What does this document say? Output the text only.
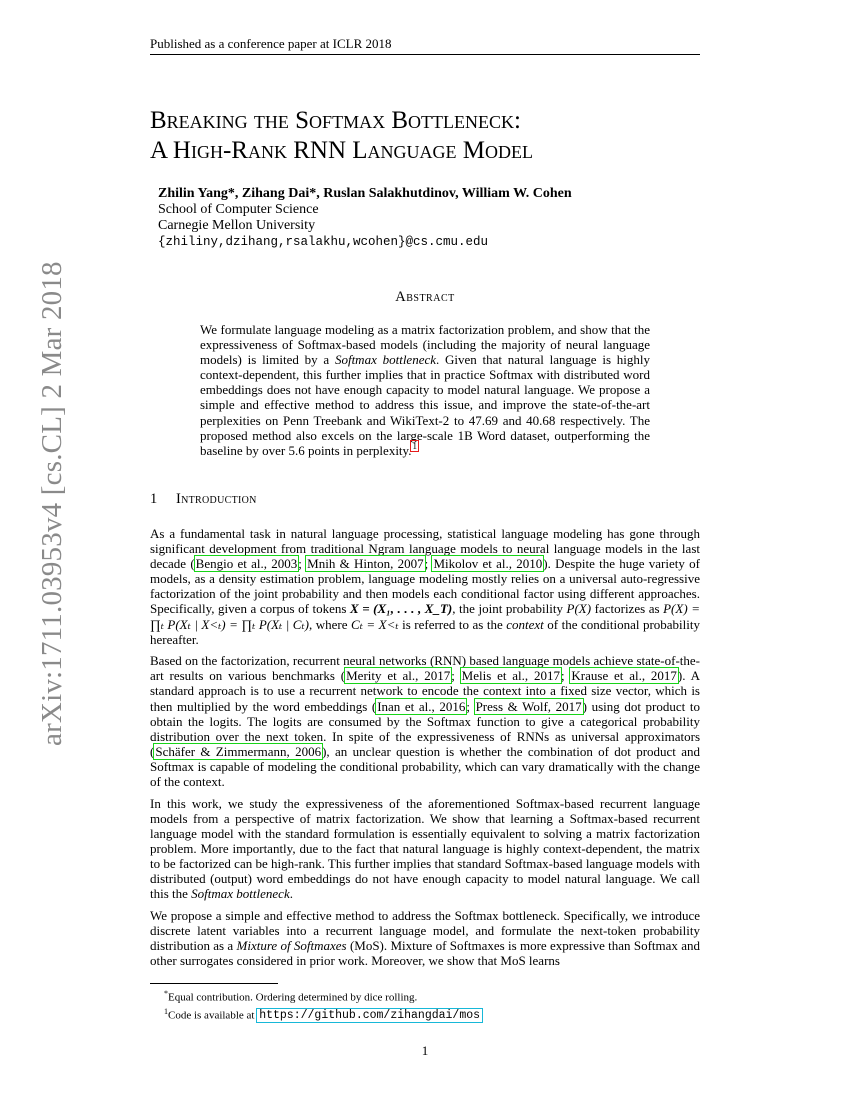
Published as a conference paper at ICLR 2018
arXiv:1711.03953v4 [cs.CL] 2 Mar 2018
Breaking the Softmax Bottleneck:
A High-Rank RNN Language Model
Zhilin Yang*, Zihang Dai*, Ruslan Salakhutdinov, William W. Cohen
School of Computer Science
Carnegie Mellon University
{zhiliny,dzihang,rsalakhu,wcohen}@cs.cmu.edu
Abstract
We formulate language modeling as a matrix factorization problem, and show that the expressiveness of Softmax-based models (including the majority of neural language models) is limited by a Softmax bottleneck. Given that natural language is highly context-dependent, this further implies that in practice Softmax with distributed word embeddings does not have enough capacity to model natural language. We propose a simple and effective method to address this issue, and improve the state-of-the-art perplexities on Penn Treebank and WikiText-2 to 47.69 and 40.68 respectively. The proposed method also excels on the large-scale 1B Word dataset, outperforming the baseline by over 5.6 points in perplexity.$^1$
1 Introduction

As a fundamental task in natural language processing, statistical language modeling has gone through significant development from traditional Ngram language models to neural language models in the last decade (Bengio et al., 2003; Mnih & Hinton, 2007; Mikolov et al., 2010). Despite the huge variety of models, as a density estimation problem, language modeling mostly relies on a universal auto-regressive factorization of the joint probability and then models each conditional factor using different approaches. Specifically, given a corpus of tokens X = (X₁, . . . , X_T), the joint probability P(X) factorizes as P(X) = ∏ₜ P(Xₜ | X<ₜ) = ∏ₜ P(Xₜ | Cₜ), where Cₜ = X<ₜ is referred to as the context of the conditional probability hereafter.

Based on the factorization, recurrent neural networks (RNN) based language models achieve state-of-the-art results on various benchmarks (Merity et al., 2017; Melis et al., 2017; Krause et al., 2017). A standard approach is to use a recurrent network to encode the context into a fixed size vector, which is then multiplied by the word embeddings (Inan et al., 2016; Press & Wolf, 2017) using dot product to obtain the logits. The logits are consumed by the Softmax function to give a categorical probability distribution over the next token. In spite of the expressiveness of RNNs as universal approximators (Schäfer & Zimmermann, 2006), an unclear question is whether the combination of dot product and Softmax is capable of modeling the conditional probability, which can vary dramatically with the change of the context.

In this work, we study the expressiveness of the aforementioned Softmax-based recurrent language models from a perspective of matrix factorization. We show that learning a Softmax-based recurrent language model with the standard formulation is essentially equivalent to solving a matrix factorization problem. More importantly, due to the fact that natural language is highly context-dependent, the matrix to be factorized can be high-rank. This further implies that standard Softmax-based language models with distributed (output) word embeddings do not have enough capacity to model natural language. We call this the Softmax bottleneck.

We propose a simple and effective method to address the Softmax bottleneck. Specifically, we introduce discrete latent variables into a recurrent language model, and formulate the next-token probability distribution as a Mixture of Softmaxes (MoS). Mixture of Softmaxes is more expressive than Softmax and other surrogates considered in prior work. Moreover, we show that MoS learns

*Equal contribution. Ordering determined by dice rolling.
$^1$Code is available at https://github.com/zihangdai/mos
1
